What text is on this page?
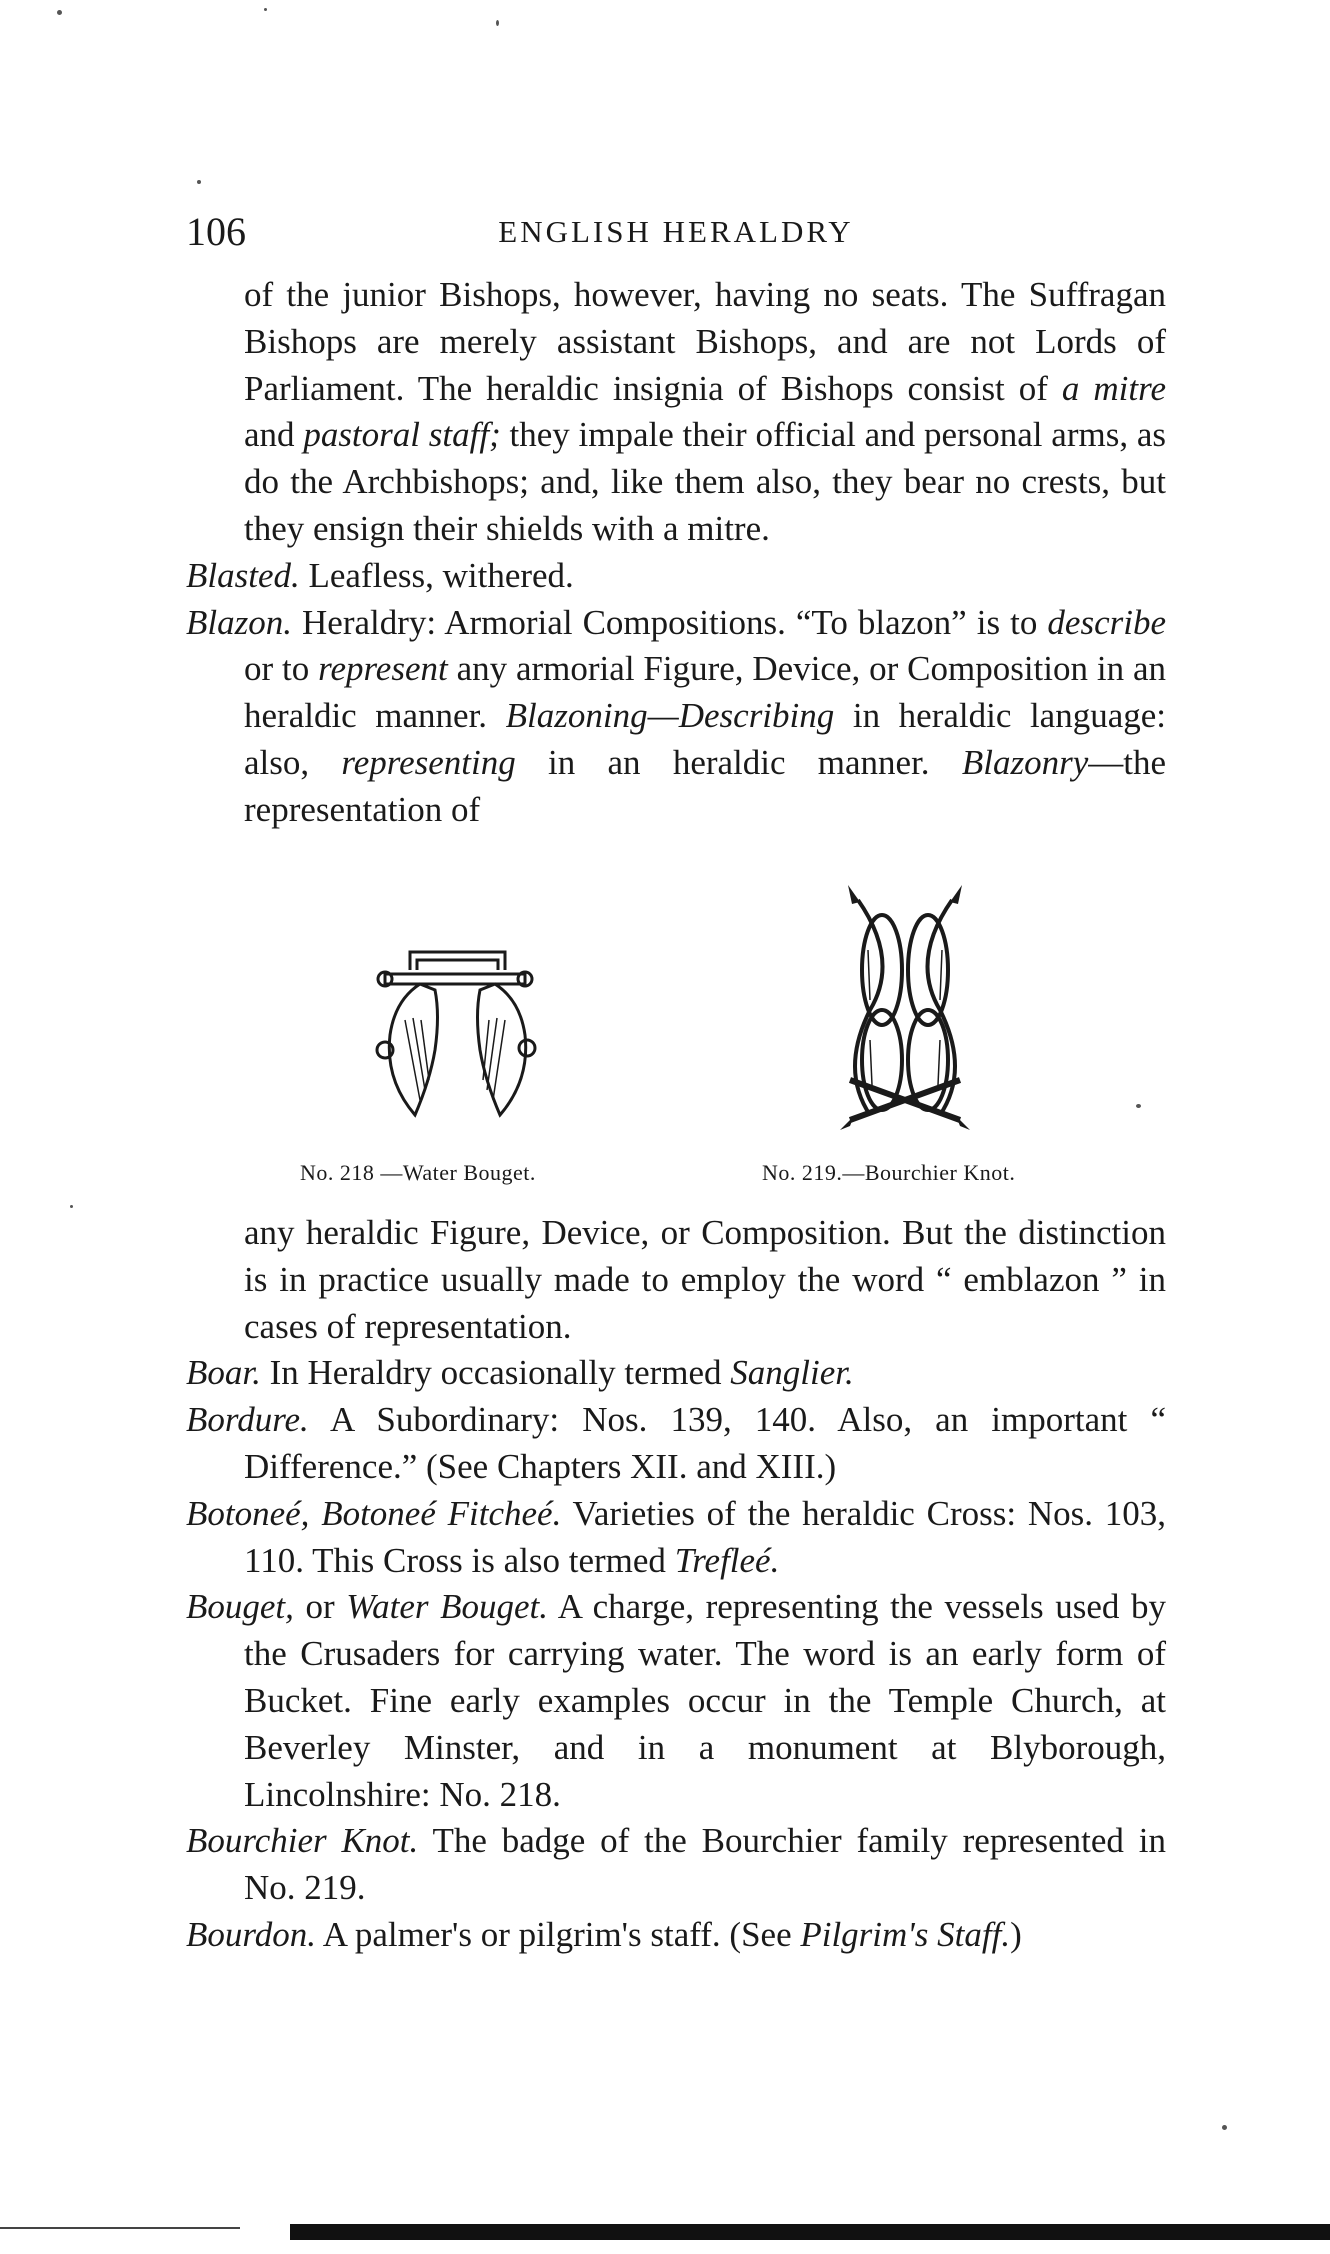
106	ENGLISH HERALDRY
of the junior Bishops, however, having no seats. The Suffragan Bishops are merely assistant Bishops, and are not Lords of Parliament. The heraldic insignia of Bishops consist of a mitre and pastoral staff; they impale their official and personal arms, as do the Archbishops; and, like them also, they bear no crests, but they ensign their shields with a mitre.
Blasted. Leafless, withered.
Blazon. Heraldry: Armorial Compositions. “To blazon” is to describe or to represent any armorial Figure, Device, or Composition in an heraldic manner. Blazoning—Describing in heraldic language: also, representing in an heraldic manner. Blazonry—the representation of
No. 218 —Water Bouget.	No. 219.—Bourchier Knot.
any heraldic Figure, Device, or Composition. But the distinction is in practice usually made to employ the word “ emblazon ” in cases of representation.
Boar. In Heraldry occasionally termed Sanglier.
Bordure. A Subordinary: Nos. 139, 140. Also, an important “ Difference.” (See Chapters XII. and XIII.)
Botoneé, Botoneé Fitcheé. Varieties of the heraldic Cross: Nos. 103, 110. This Cross is also termed Trefleé.
Bouget, or Water Bouget. A charge, representing the vessels used by the Crusaders for carrying water. The word is an early form of Bucket. Fine early examples occur in the Temple Church, at Beverley Minster, and in a monument at Blyborough, Lincolnshire: No. 218.
Bourchier Knot. The badge of the Bourchier family represented in No. 219.
Bourdon. A palmer's or pilgrim's staff. (See Pilgrim's Staff.)
